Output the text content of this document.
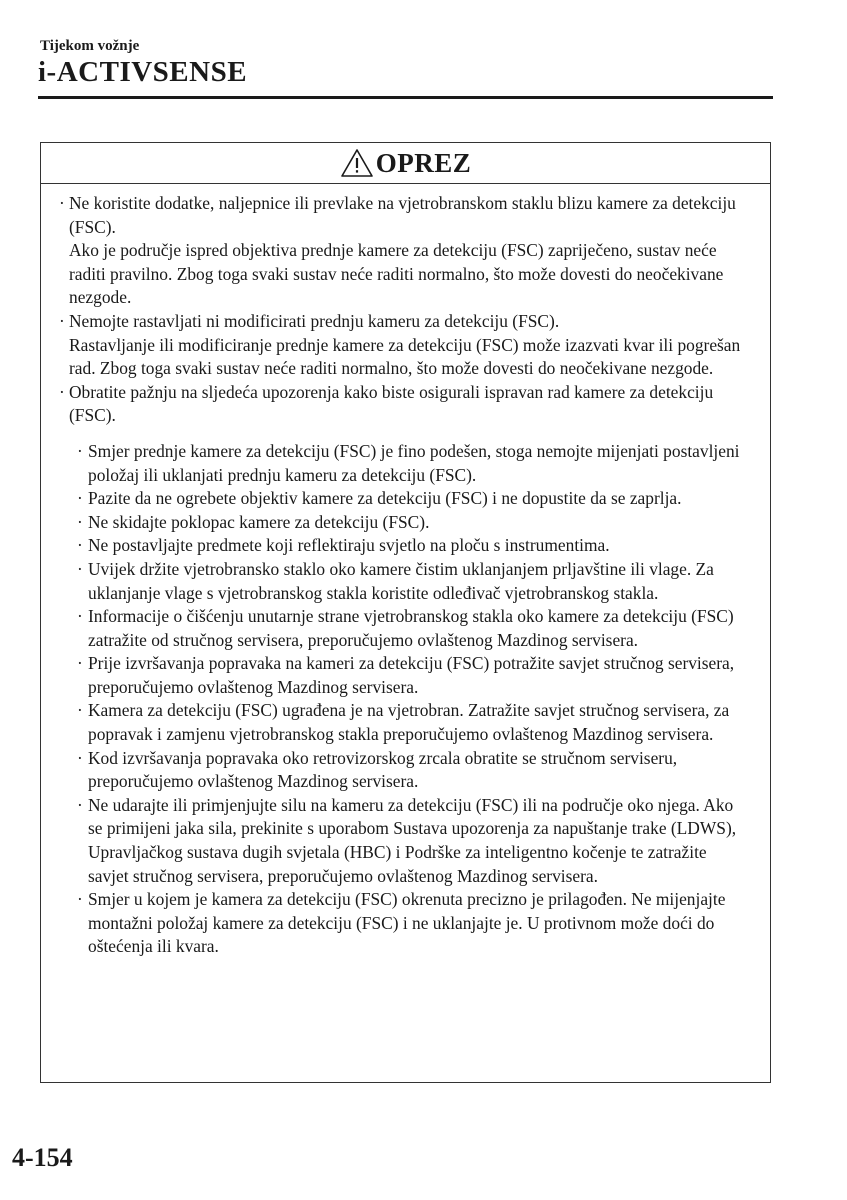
Tijekom vožnje
i-ACTIVSENSE
OPREZ
· Ne koristite dodatke, naljepnice ili prevlake na vjetrobranskom staklu blizu kamere za detekciju (FSC).

Ako je područje ispred objektiva prednje kamere za detekciju (FSC) zapriječeno, sustav neće raditi pravilno. Zbog toga svaki sustav neće raditi normalno, što može dovesti do neočekivane nezgode.

· Nemojte rastavljati ni modificirati prednju kameru za detekciju (FSC).

Rastavljanje ili modificiranje prednje kamere za detekciju (FSC) može izazvati kvar ili pogrešan rad. Zbog toga svaki sustav neće raditi normalno, što može dovesti do neočekivane nezgode.

· Obratite pažnju na sljedeća upozorenja kako biste osigurali ispravan rad kamere za detekciju (FSC).

· Smjer prednje kamere za detekciju (FSC) je fino podešen, stoga nemojte mijenjati postavljeni položaj ili uklanjati prednju kameru za detekciju (FSC).

· Pazite da ne ogrebete objektiv kamere za detekciju (FSC) i ne dopustite da se zaprlja.

· Ne skidajte poklopac kamere za detekciju (FSC).

· Ne postavljajte predmete koji reflektiraju svjetlo na ploču s instrumentima.

· Uvijek držite vjetrobransko staklo oko kamere čistim uklanjanjem prljavštine ili vlage. Za uklanjanje vlage s vjetrobranskog stakla koristite odleđivač vjetrobranskog stakla.

· Informacije o čišćenju unutarnje strane vjetrobranskog stakla oko kamere za detekciju (FSC) zatražite od stručnog servisera, preporučujemo ovlaštenog Mazdinog servisera.

· Prije izvršavanja popravaka na kameri za detekciju (FSC) potražite savjet stručnog servisera, preporučujemo ovlaštenog Mazdinog servisera.

· Kamera za detekciju (FSC) ugrađena je na vjetrobran. Zatražite savjet stručnog servisera, za popravak i zamjenu vjetrobranskog stakla preporučujemo ovlaštenog Mazdinog servisera.

· Kod izvršavanja popravaka oko retrovizorskog zrcala obratite se stručnom serviseru, preporučujemo ovlaštenog Mazdinog servisera.

· Ne udarajte ili primjenjujte silu na kameru za detekciju (FSC) ili na područje oko njega. Ako se primijeni jaka sila, prekinite s uporabom Sustava upozorenja za napuštanje trake (LDWS), Upravljačkog sustava dugih svjetala (HBC) i Podrške za inteligentno kočenje te zatražite savjet stručnog servisera, preporučujemo ovlaštenog Mazdinog servisera.

· Smjer u kojem je kamera za detekciju (FSC) okrenuta precizno je prilagođen. Ne mijenjajte montažni položaj kamere za detekciju (FSC) i ne uklanjajte je. U protivnom može doći do oštećenja ili kvara.

4-154
